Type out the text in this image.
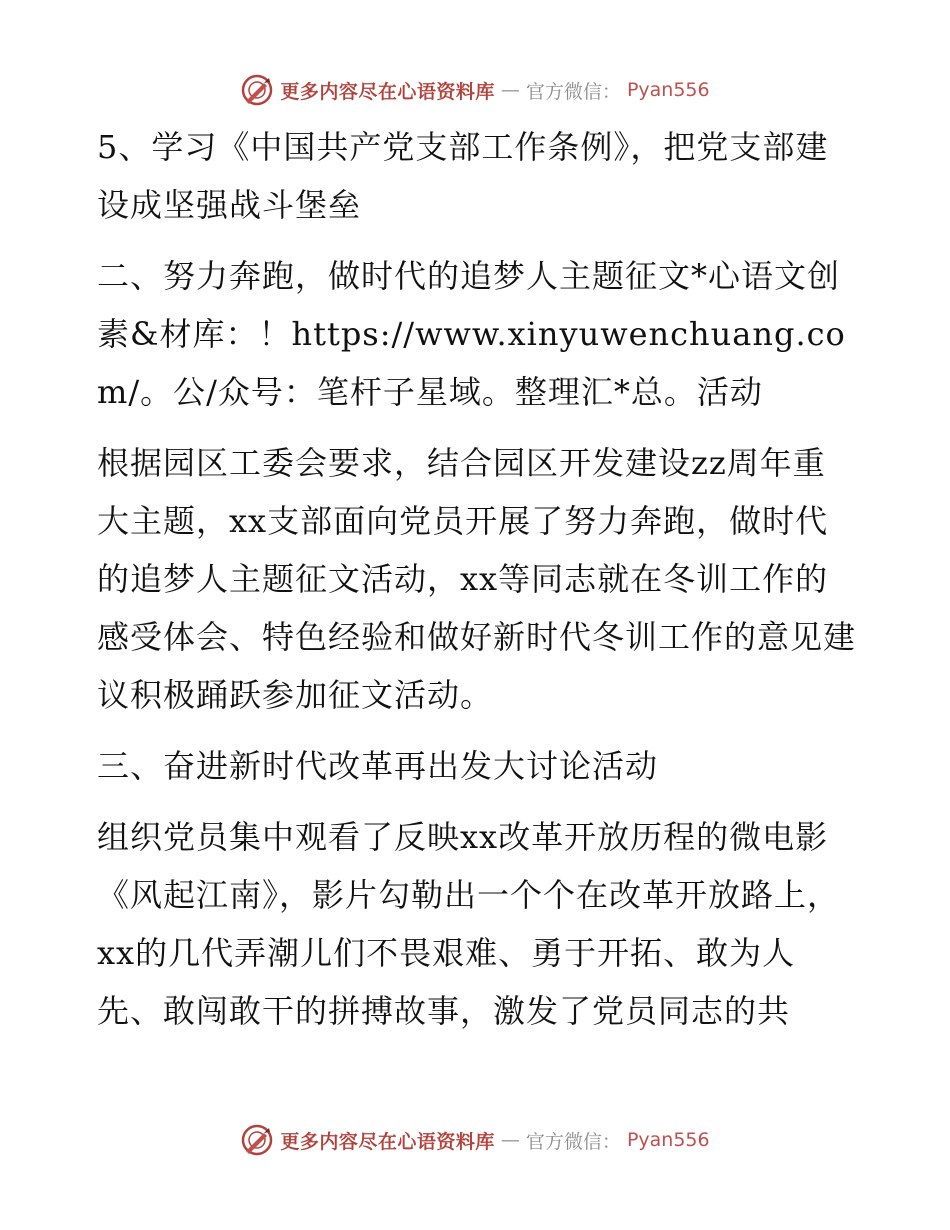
更多内容尽在心语资料库 — 官方微信： Pyan556

5、学习《中国共产党支部工作条例》，把党支部建设成坚强战斗堡垒

二、努力奔跑，做时代的追梦人主题征文*心语文创素&材库：！https://www.xinyuwenchuang.com/。公/众号：笔杆子星域。整理汇*总。活动

根据园区工委会要求，结合园区开发建设zz周年重大主题，xx支部面向党员开展了努力奔跑，做时代的追梦人主题征文活动，xx等同志就在冬训工作的感受体会、特色经验和做好新时代冬训工作的意见建议积极踊跃参加征文活动。

三、奋进新时代改革再出发大讨论活动

组织党员集中观看了反映xx改革开放历程的微电影《风起江南》，影片勾勒出一个个在改革开放路上，xx的几代弄潮儿们不畏艰难、勇于开拓、敢为人先、敢闯敢干的拼搏故事，激发了党员同志的共

更多内容尽在心语资料库 — 官方微信： Pyan556
